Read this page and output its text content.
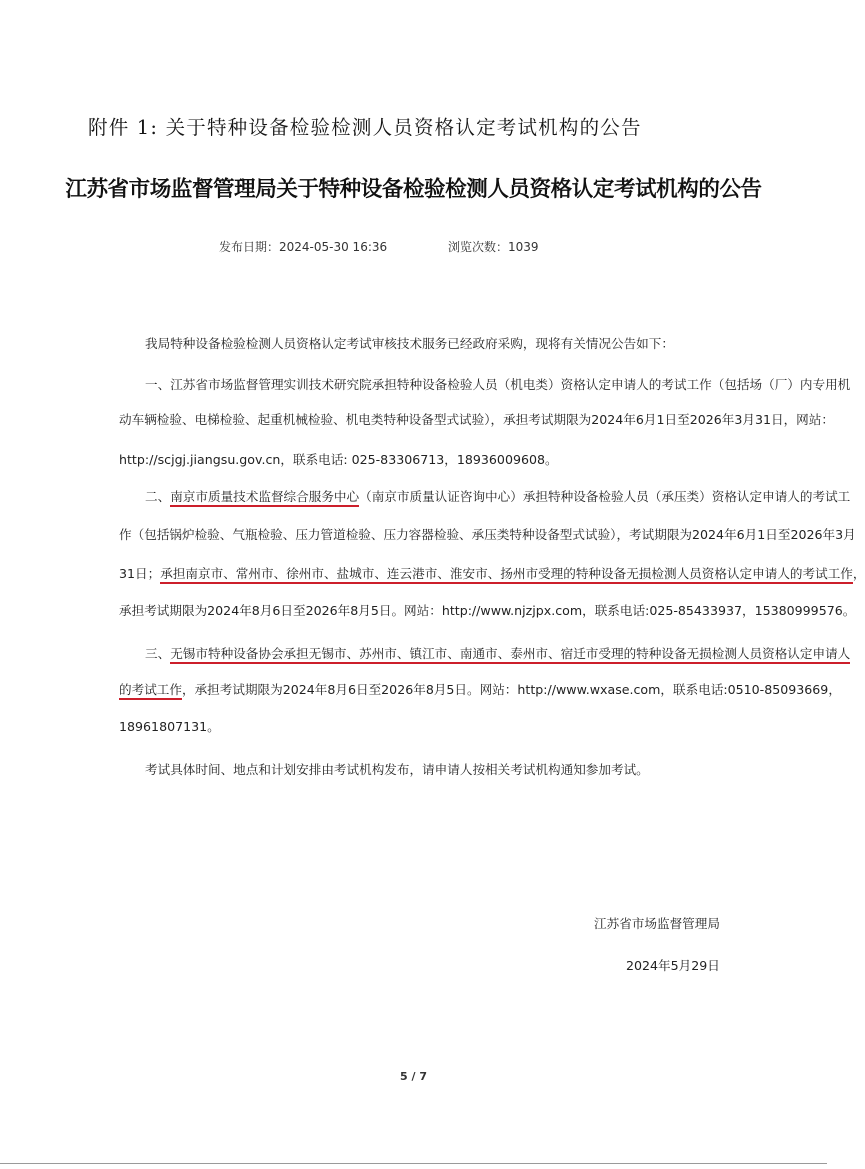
附件 1: 关于特种设备检验检测人员资格认定考试机构的公告
江苏省市场监督管理局关于特种设备检验检测人员资格认定考试机构的公告
发布日期：2024-05-30 16:36	浏览次数：1039
我局特种设备检验检测人员资格认定考试审核技术服务已经政府采购，现将有关情况公告如下：
一、江苏省市场监督管理实训技术研究院承担特种设备检验人员（机电类）资格认定申请人的考试工作（包括场（厂）内专用机
动车辆检验、电梯检验、起重机械检验、机电类特种设备型式试验），承担考试期限为2024年6月1日至2026年3月31日，网站：
http://scjgj.jiangsu.gov.cn，联系电话: 025-83306713，18936009608。
二、南京市质量技术监督综合服务中心（南京市质量认证咨询中心）承担特种设备检验人员（承压类）资格认定申请人的考试工
作（包括锅炉检验、气瓶检验、压力管道检验、压力容器检验、承压类特种设备型式试验），考试期限为2024年6月1日至2026年3月
31日；承担南京市、常州市、徐州市、盐城市、连云港市、淮安市、扬州市受理的特种设备无损检测人员资格认定申请人的考试工作，
承担考试期限为2024年8月6日至2026年8月5日。网站：http://www.njzjpx.com，联系电话:025-85433937，15380999576。
三、无锡市特种设备协会承担无锡市、苏州市、镇江市、南通市、泰州市、宿迁市受理的特种设备无损检测人员资格认定申请人
的考试工作，承担考试期限为2024年8月6日至2026年8月5日。网站：http://www.wxase.com，联系电话:0510-85093669，
18961807131。
考试具体时间、地点和计划安排由考试机构发布，请申请人按相关考试机构通知参加考试。
江苏省市场监督管理局
2024年5月29日
5 / 7
